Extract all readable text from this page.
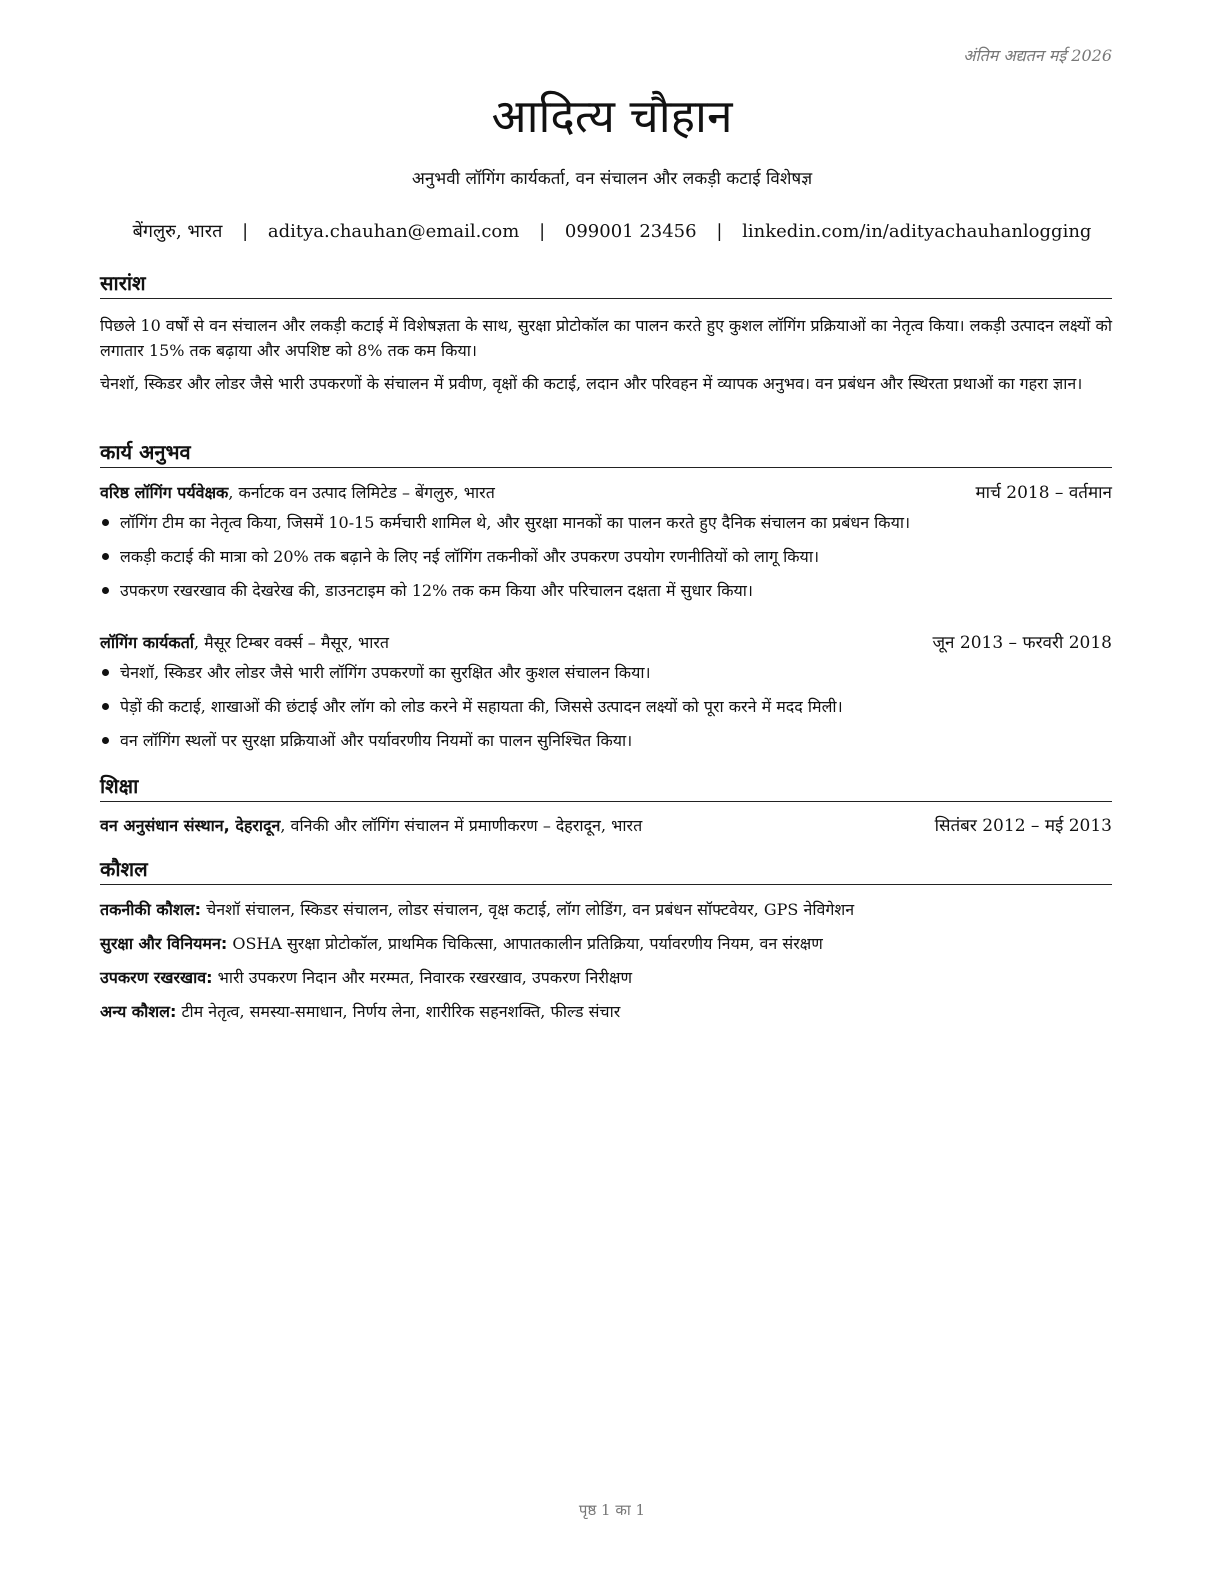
अंतिम अद्यतन मई 2026
आदित्य चौहान
अनुभवी लॉगिंग कार्यकर्ता, वन संचालन और लकड़ी कटाई विशेषज्ञ
बेंगलुरु, भारत | aditya.chauhan@email.com | 099001 23456 | linkedin.com/in/adityachauhanlogging
सारांश
पिछले 10 वर्षों से वन संचालन और लकड़ी कटाई में विशेषज्ञता के साथ, सुरक्षा प्रोटोकॉल का पालन करते हुए कुशल लॉगिंग प्रक्रियाओं का नेतृत्व किया। लकड़ी उत्पादन लक्ष्यों को लगातार 15% तक बढ़ाया और अपशिष्ट को 8% तक कम किया।
चेनशॉ, स्किडर और लोडर जैसे भारी उपकरणों के संचालन में प्रवीण, वृक्षों की कटाई, लदान और परिवहन में व्यापक अनुभव। वन प्रबंधन और स्थिरता प्रथाओं का गहरा ज्ञान।
कार्य अनुभव
वरिष्ठ लॉगिंग पर्यवेक्षक, कर्नाटक वन उत्पाद लिमिटेड – बेंगलुरु, भारत	मार्च 2018 – वर्तमान
लॉगिंग टीम का नेतृत्व किया, जिसमें 10-15 कर्मचारी शामिल थे, और सुरक्षा मानकों का पालन करते हुए दैनिक संचालन का प्रबंधन किया।
लकड़ी कटाई की मात्रा को 20% तक बढ़ाने के लिए नई लॉगिंग तकनीकों और उपकरण उपयोग रणनीतियों को लागू किया।
उपकरण रखरखाव की देखरेख की, डाउनटाइम को 12% तक कम किया और परिचालन दक्षता में सुधार किया।
लॉगिंग कार्यकर्ता, मैसूर टिम्बर वर्क्स – मैसूर, भारत	जून 2013 – फरवरी 2018
चेनशॉ, स्किडर और लोडर जैसे भारी लॉगिंग उपकरणों का सुरक्षित और कुशल संचालन किया।
पेड़ों की कटाई, शाखाओं की छंटाई और लॉग को लोड करने में सहायता की, जिससे उत्पादन लक्ष्यों को पूरा करने में मदद मिली।
वन लॉगिंग स्थलों पर सुरक्षा प्रक्रियाओं और पर्यावरणीय नियमों का पालन सुनिश्चित किया।
शिक्षा
वन अनुसंधान संस्थान, देहरादून, वनिकी और लॉगिंग संचालन में प्रमाणीकरण – देहरादून, भारत	सितंबर 2012 – मई 2013
कौशल
तकनीकी कौशल: चेनशॉ संचालन, स्किडर संचालन, लोडर संचालन, वृक्ष कटाई, लॉग लोडिंग, वन प्रबंधन सॉफ्टवेयर, GPS नेविगेशन
सुरक्षा और विनियमन: OSHA सुरक्षा प्रोटोकॉल, प्राथमिक चिकित्सा, आपातकालीन प्रतिक्रिया, पर्यावरणीय नियम, वन संरक्षण
उपकरण रखरखाव: भारी उपकरण निदान और मरम्मत, निवारक रखरखाव, उपकरण निरीक्षण
अन्य कौशल: टीम नेतृत्व, समस्या-समाधान, निर्णय लेना, शारीरिक सहनशक्ति, फील्ड संचार
पृष्ठ 1 का 1
